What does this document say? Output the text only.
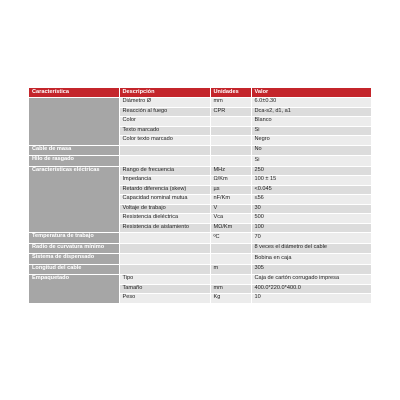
Característica	Descripción	Unidades	Valor
	Diámetro Ø	mm	6.0±0.30
	Reacción al fuego	CPR	Dca-s2, d1, a1
	Color		Blanco
	Texto marcado		Si
	Color texto marcado		Negro
Cable de masa			No
Hilo de rasgado			Si
Características eléctricas	Rango de frecuencia	MHz	250
	Impedancia	Ω/Km	100 ± 15
	Retardo diferencia (skew)	µs	<0.045
	Capacidad nominal mutua	nF/Km	≤56
	Voltaje de trabajo	V	30
	Resistencia dieléctrica	Vca	500
	Resistencia de aislamiento	MΩ/Km	100
Temperatura de trabajo		ºC	70
Radio de curvatura mínimo			8 veces el diámetro del cable
Sistema de dispensado			Bobina en caja
Longitud del cable		m	305
Empaquetado	Tipo		Caja de cartón corrugado impresa
	Tamaño	mm	400.0*220.0*400.0
	Peso	Kg	10
